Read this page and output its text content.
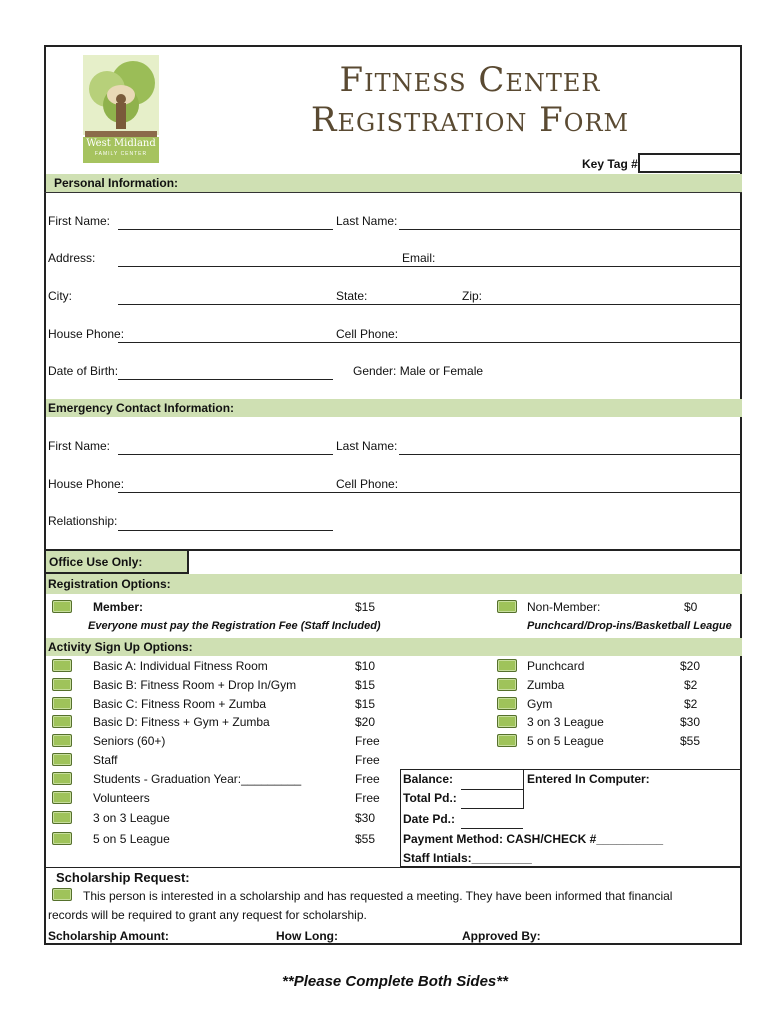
West Midland
FAMILY CENTER
Fitness Center
Registration Form
Key Tag #
Personal Information:
First Name:	Last Name:
Address:	Email:
City:	State:	Zip:
House Phone:	Cell Phone:
Date of Birth:	Gender: Male or Female
Emergency Contact Information:
First Name:	Last Name:
House Phone:	Cell Phone:
Relationship:
Office Use Only:
Registration Options:
Member:	$15
Everyone must pay the Registration Fee (Staff Included)
Non-Member:	$0
Punchcard/Drop-ins/Basketball League
Activity Sign Up Options:
Basic A: Individual Fitness Room	$10
Basic B: Fitness Room + Drop In/Gym	$15
Basic C: Fitness Room + Zumba	$15
Basic D: Fitness + Gym + Zumba	$20
Seniors (60+)	Free
Staff	Free
Students - Graduation Year:_________	Free
Volunteers	Free
3 on 3 League	$30
5 on 5 League	$55
Punchcard	$20
Zumba	$2
Gym	$2
3 on 3 League	$30
5 on 5 League	$55
Balance:	Entered In Computer:
Total Pd.:
Date Pd.:
Payment Method: CASH/CHECK #__________
Staff Intials:_________
Scholarship Request:
This person is interested in a scholarship and has requested a meeting. They have been informed that financial
records will be required to grant any request for scholarship.
Scholarship Amount:	How Long:	Approved By:
**Please Complete Both Sides**
